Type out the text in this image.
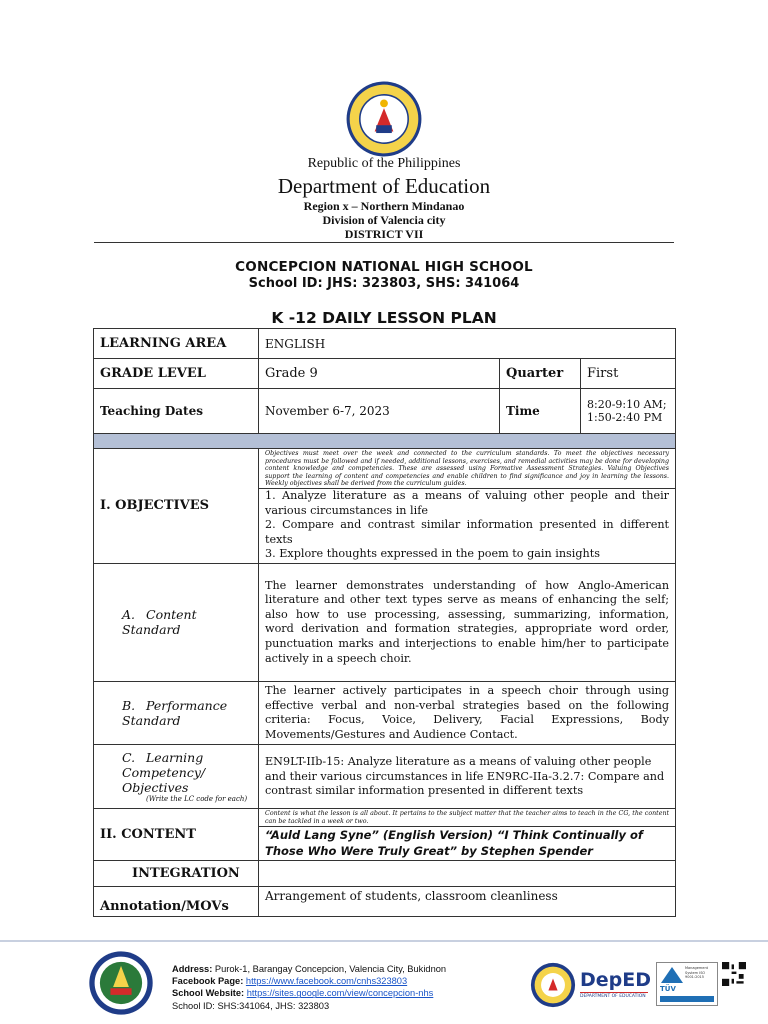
Republic of the Philippines
Department of Education
Region x – Northern Mindanao
Division of Valencia city
DISTRICT VII
CONCEPCION NATIONAL HIGH SCHOOL
School ID: JHS: 323803, SHS: 341064
K -12 DAILY LESSON PLAN
LEARNING AREA	ENGLISH		
GRADE LEVEL	Grade 9	Quarter	First
Teaching Dates	November 6-7, 2023	Time	8:20-9:10 AM; 1:50-2:40 PM

I. OBJECTIVES	Objectives must meet over the week and connected to the curriculum standards. To meet the objectives necessary procedures must be followed and if needed, additional lessons, exercises, and remedial activities may be done for developing content knowledge and competencies. These are assessed using Formative Assessment Strategies. Valuing Objectives support the learning of content and competencies and enable children to find significance and joy in learning the lessons. Weekly objectives shall be derived from the curriculum guides.
1. Analyze literature as a means of valuing other people and their various circumstances in life
2. Compare and contrast similar information presented in different texts
3. Explore thoughts expressed in the poem to gain insights		

A. Content Standard	The learner demonstrates understanding of how Anglo-American literature and other text types serve as means of enhancing the self; also how to use processing, assessing, summarizing, information, word derivation and formation strategies, appropriate word order, punctuation marks and interjections to enable him/her to participate actively in a speech choir.		

B. Performance Standard	The learner actively participates in a speech choir through using effective verbal and non-verbal strategies based on the following criteria: Focus, Voice, Delivery, Facial Expressions, Body Movements/Gestures and Audience Contact.		

C. Learning Competency/ Objectives
(Write the LC code for each)	EN9LT-IIb-15: Analyze literature as a means of valuing other people and their various circumstances in life EN9RC-IIa-3.2.7: Compare and contrast similar information presented in different texts		
II. CONTENT	Content is what the lesson is all about. It pertains to the subject matter that the teacher aims to teach in the CG, the content can be tackled in a week or two.
“Auld Lang Syne” (English Version) “I Think Continually of Those Who Were Truly Great” by Stephen Spender		

INTEGRATION			
Annotation/MOVs	Arrangement of students, classroom cleanliness		
Address: Purok-1, Barangay Concepcion, Valencia City, Bukidnon
Facebook Page: https://www.facebook.com/cnhs323803
School Website: https://sites.google.com/view/concepcion-nhs
School ID: SHS:341064, JHS: 323803
DepED
DEPARTMENT OF EDUCATION
TÜV
Management System ISO 9001:2015
